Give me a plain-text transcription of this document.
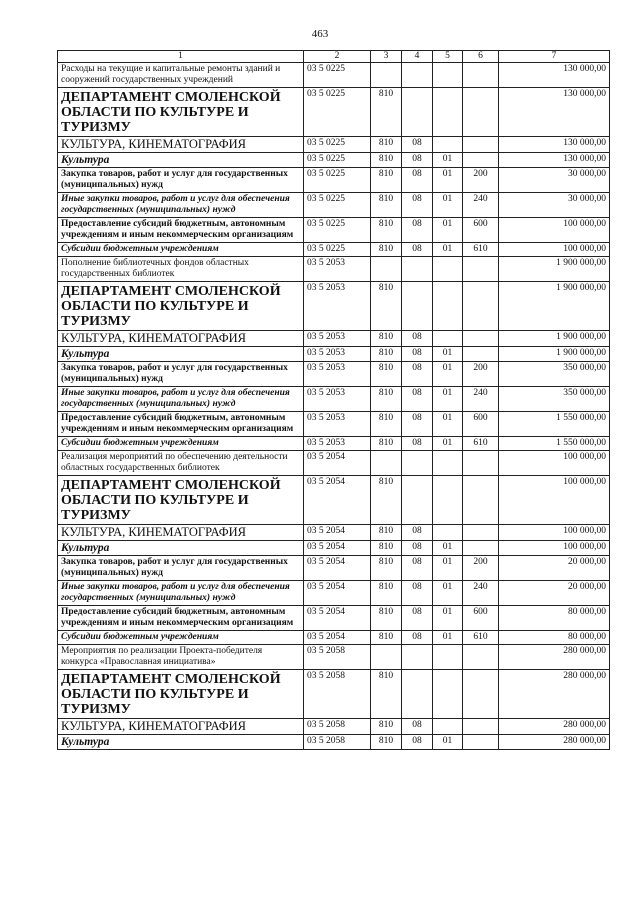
463
1	2	3	4	5	6	7
Расходы на текущие и капитальные ремонты зданий и сооружений государственных учреждений	03 5 0225					130 000,00
ДЕПАРТАМЕНТ СМОЛЕНСКОЙ ОБЛАСТИ ПО КУЛЬТУРЕ И ТУРИЗМУ	03 5 0225	810				130 000,00
КУЛЬТУРА, КИНЕМАТОГРАФИЯ	03 5 0225	810	08			130 000,00
Культура	03 5 0225	810	08	01		130 000,00
Закупка товаров, работ и услуг для государственных (муниципальных) нужд	03 5 0225	810	08	01	200	30 000,00
Иные закупки товаров, работ и услуг для обеспечения государственных (муниципальных) нужд	03 5 0225	810	08	01	240	30 000,00
Предоставление субсидий бюджетным, автономным учреждениям и иным некоммерческим организациям	03 5 0225	810	08	01	600	100 000,00
Субсидии бюджетным учреждениям	03 5 0225	810	08	01	610	100 000,00
Пополнение библиотечных фондов областных государственных библиотек	03 5 2053					1 900 000,00
ДЕПАРТАМЕНТ СМОЛЕНСКОЙ ОБЛАСТИ ПО КУЛЬТУРЕ И ТУРИЗМУ	03 5 2053	810				1 900 000,00
КУЛЬТУРА, КИНЕМАТОГРАФИЯ	03 5 2053	810	08			1 900 000,00
Культура	03 5 2053	810	08	01		1 900 000,00
Закупка товаров, работ и услуг для государственных (муниципальных) нужд	03 5 2053	810	08	01	200	350 000,00
Иные закупки товаров, работ и услуг для обеспечения государственных (муниципальных) нужд	03 5 2053	810	08	01	240	350 000,00
Предоставление субсидий бюджетным, автономным учреждениям и иным некоммерческим организациям	03 5 2053	810	08	01	600	1 550 000,00
Субсидии бюджетным учреждениям	03 5 2053	810	08	01	610	1 550 000,00
Реализация мероприятий по обеспечению деятельности областных государственных библиотек	03 5 2054					100 000,00
ДЕПАРТАМЕНТ СМОЛЕНСКОЙ ОБЛАСТИ ПО КУЛЬТУРЕ И ТУРИЗМУ	03 5 2054	810				100 000,00
КУЛЬТУРА, КИНЕМАТОГРАФИЯ	03 5 2054	810	08			100 000,00
Культура	03 5 2054	810	08	01		100 000,00
Закупка товаров, работ и услуг для государственных (муниципальных) нужд	03 5 2054	810	08	01	200	20 000,00
Иные закупки товаров, работ и услуг для обеспечения государственных (муниципальных) нужд	03 5 2054	810	08	01	240	20 000,00
Предоставление субсидий бюджетным, автономным учреждениям и иным некоммерческим организациям	03 5 2054	810	08	01	600	80 000,00
Субсидии бюджетным учреждениям	03 5 2054	810	08	01	610	80 000,00
Мероприятия по реализации Проекта-победителя конкурса «Православная инициатива»	03 5 2058					280 000,00
ДЕПАРТАМЕНТ СМОЛЕНСКОЙ ОБЛАСТИ ПО КУЛЬТУРЕ И ТУРИЗМУ	03 5 2058	810				280 000,00
КУЛЬТУРА, КИНЕМАТОГРАФИЯ	03 5 2058	810	08			280 000,00
Культура	03 5 2058	810	08	01		280 000,00
